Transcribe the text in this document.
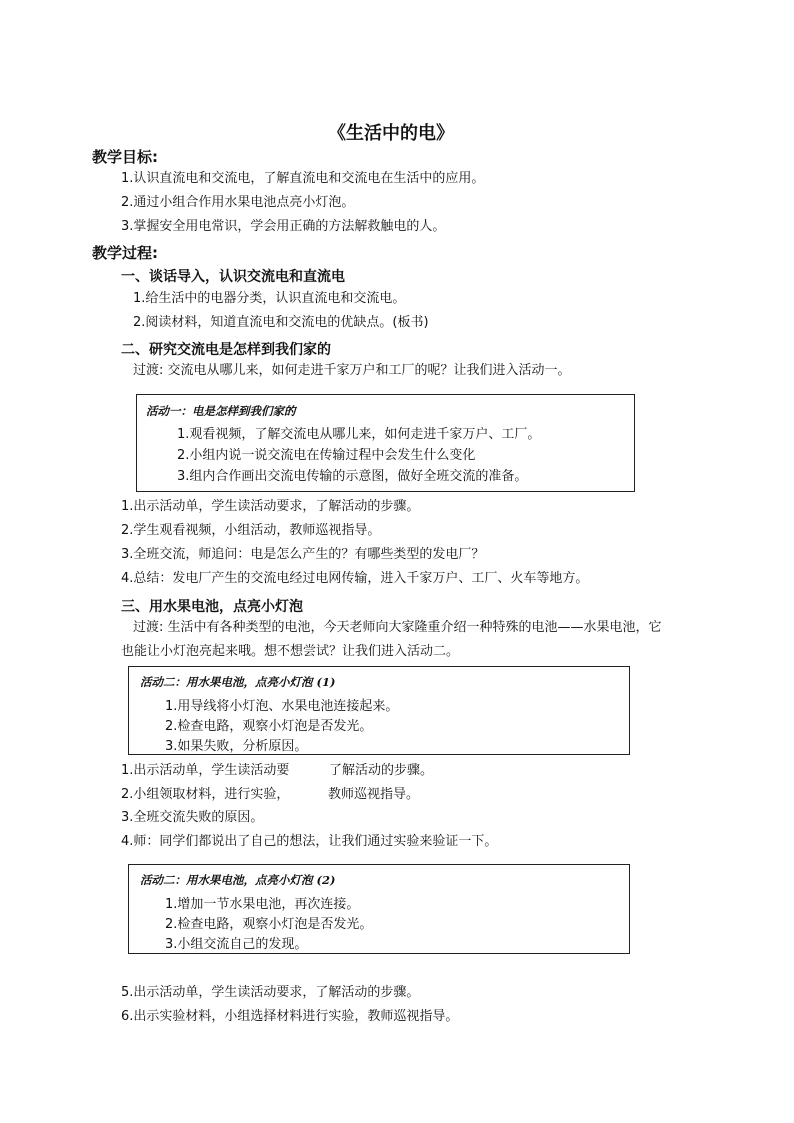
《生活中的电》
教学目标:
1.认识直流电和交流电，了解直流电和交流电在生活中的应用。
2.通过小组合作用水果电池点亮小灯泡。
3.掌握安全用电常识，学会用正确的方法解救触电的人。
教学过程:
一、谈话导入，认识交流电和直流电
1.给生活中的电器分类，认识直流电和交流电。
2.阅读材料，知道直流电和交流电的优缺点。(板书)
二、研究交流电是怎样到我们家的
过渡: 交流电从哪儿来，如何走进千家万户和工厂的呢？让我们进入活动一。
活动一：电是怎样到我们家的
1.观看视频，了解交流电从哪儿来，如何走进千家万户、工厂。
2.小组内说一说交流电在传输过程中会发生什么变化
3.组内合作画出交流电传输的示意图，做好全班交流的准备。
1.出示活动单，学生读活动要求，了解活动的步骤。
2.学生观看视频，小组活动，教师巡视指导。
3.全班交流，师追问：电是怎么产生的？有哪些类型的发电厂？
4.总结：发电厂产生的交流电经过电网传输，进入千家万户、工厂、火车等地方。
三、用水果电池，点亮小灯泡
过渡: 生活中有各种类型的电池，今天老师向大家隆重介绍一种特殊的电池——水果电池，它
也能让小灯泡亮起来哦。想不想尝试？让我们进入活动二。
活动二：用水果电池，点亮小灯泡 (1)
1.用导线将小灯泡、水果电池连接起来。
2.检查电路，观察小灯泡是否发光。
3.如果失败，分析原因。
1.出示活动单，学生读活动要	了解活动的步骤。
2.小组领取材料，进行实验，	教师巡视指导。
3.全班交流失败的原因。
4.师：同学们都说出了自己的想法，让我们通过实验来验证一下。
活动二：用水果电池，点亮小灯泡 (2)
1.增加一节水果电池，再次连接。
2.检查电路，观察小灯泡是否发光。
3.小组交流自己的发现。
5.出示活动单，学生读活动要求，了解活动的步骤。
6.出示实验材料，小组选择材料进行实验，教师巡视指导。
